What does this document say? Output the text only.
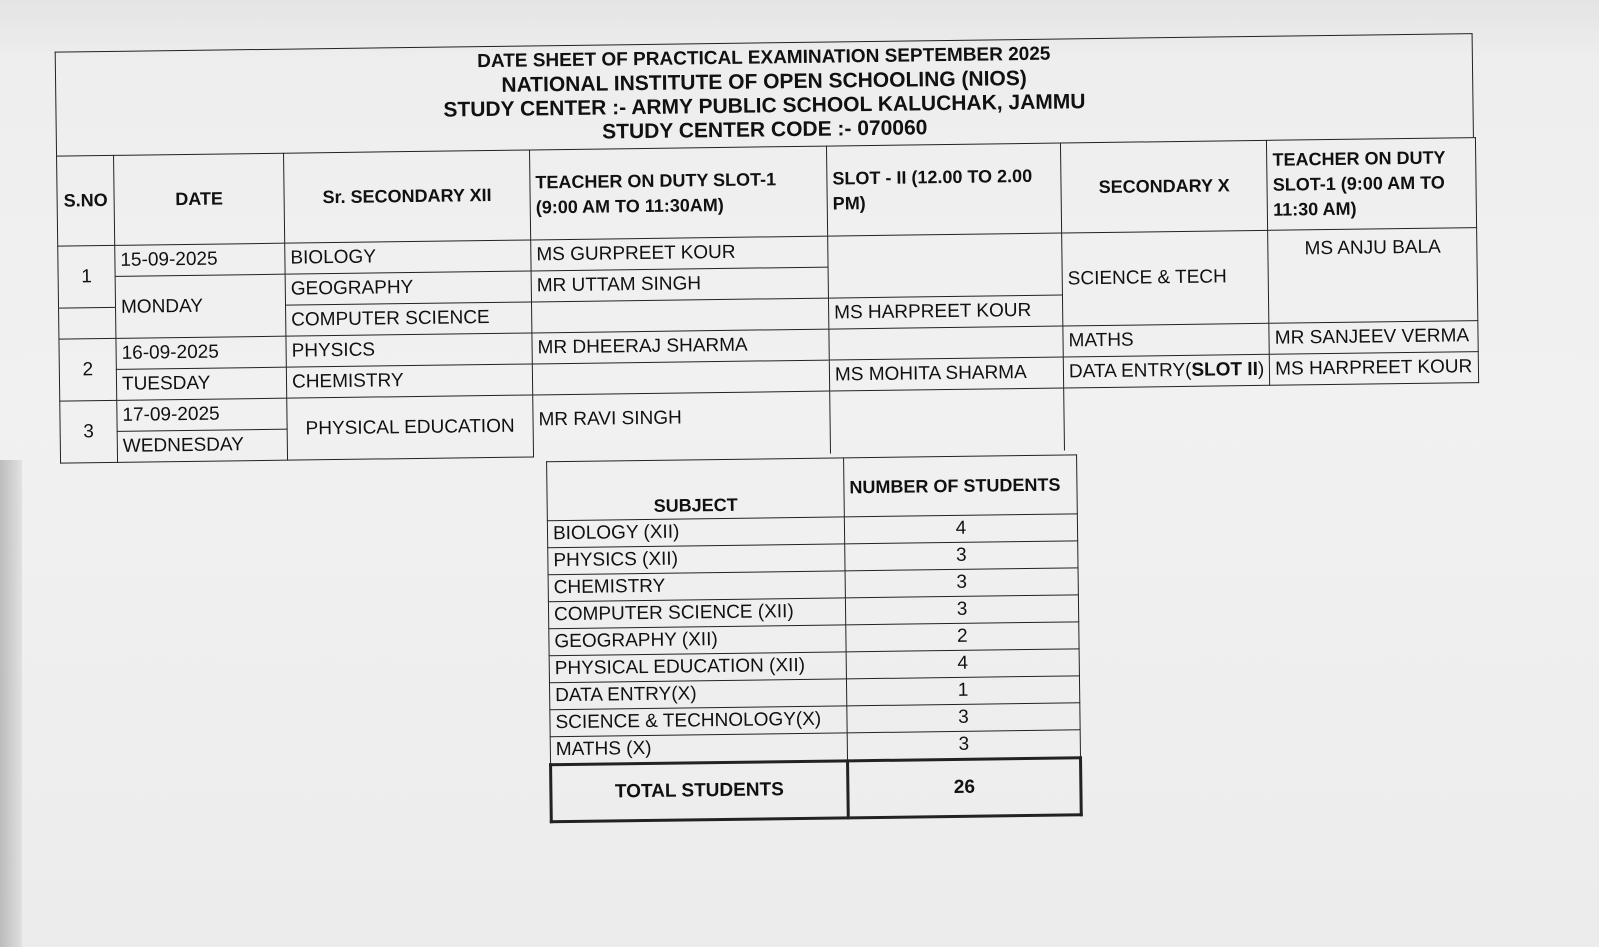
DATE SHEET OF PRACTICAL EXAMINATION SEPTEMBER 2025
NATIONAL INSTITUTE OF OPEN SCHOOLING (NIOS)
STUDY CENTER :- ARMY PUBLIC SCHOOL KALUCHAK, JAMMU
STUDY CENTER CODE :- 070060
S.NO	DATE	Sr. SECONDARY XII	TEACHER ON DUTY SLOT-1 (9:00 AM TO 11:30AM)	SLOT - II (12.00 TO 2.00 PM)	SECONDARY X	TEACHER ON DUTY SLOT-1 (9:00 AM TO 11:30 AM)
1	15-09-2025	BIOLOGY	MS GURPREET KOUR		SCIENCE & TECH	MS ANJU BALA
	MONDAY	GEOGRAPHY	MR UTTAM SINGH			
		COMPUTER SCIENCE		MS HARPREET KOUR		
2	16-09-2025	PHYSICS	MR DHEERAJ SHARMA		MATHS	MR SANJEEV VERMA
	TUESDAY	CHEMISTRY		MS MOHITA SHARMA	DATA ENTRY(SLOT II)	MS HARPREET KOUR
3	17-09-2025	PHYSICAL EDUCATION	MR RAVI SINGH			
	WEDNESDAY					
SUBJECT	NUMBER OF STUDENTS
BIOLOGY (XII)	4
PHYSICS (XII)	3
CHEMISTRY	3
COMPUTER SCIENCE (XII)	3
GEOGRAPHY (XII)	2
PHYSICAL EDUCATION (XII)	4
DATA ENTRY(X)	1
SCIENCE & TECHNOLOGY(X)	3
MATHS (X)	3
TOTAL STUDENTS	26
